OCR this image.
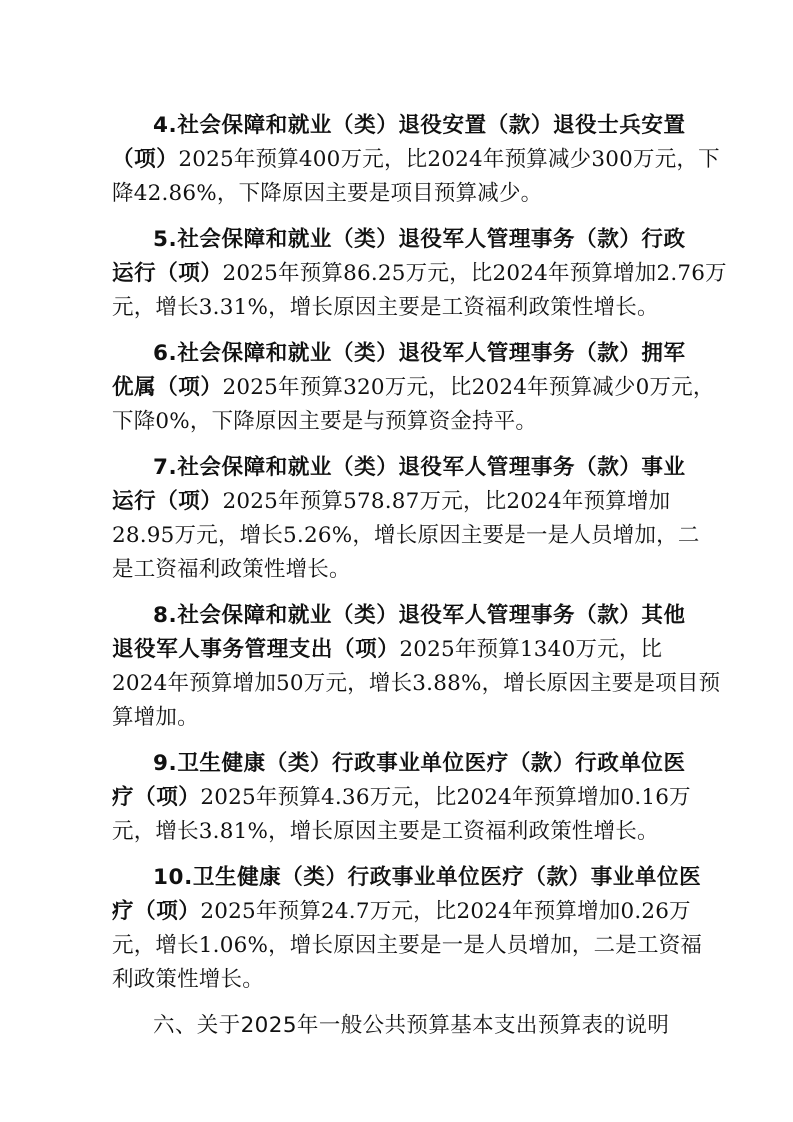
4.社会保障和就业（类）退役安置（款）退役士兵安置
（项）2025年预算400万元，比2024年预算减少300万元，下
降42.86%，下降原因主要是项目预算减少。
5.社会保障和就业（类）退役军人管理事务（款）行政
运行（项）2025年预算86.25万元，比2024年预算增加2.76万
元，增长3.31%，增长原因主要是工资福利政策性增长。
6.社会保障和就业（类）退役军人管理事务（款）拥军
优属（项）2025年预算320万元，比2024年预算减少0万元，
下降0%，下降原因主要是与预算资金持平。
7.社会保障和就业（类）退役军人管理事务（款）事业
运行（项）2025年预算578.87万元，比2024年预算增加
28.95万元，增长5.26%，增长原因主要是一是人员增加，二
是工资福利政策性增长。
8.社会保障和就业（类）退役军人管理事务（款）其他
退役军人事务管理支出（项）2025年预算1340万元，比
2024年预算增加50万元，增长3.88%，增长原因主要是项目预
算增加。
9.卫生健康（类）行政事业单位医疗（款）行政单位医
疗（项）2025年预算4.36万元，比2024年预算增加0.16万
元，增长3.81%，增长原因主要是工资福利政策性增长。
10.卫生健康（类）行政事业单位医疗（款）事业单位医
疗（项）2025年预算24.7万元，比2024年预算增加0.26万
元，增长1.06%，增长原因主要是一是人员增加，二是工资福
利政策性增长。
六、关于2025年一般公共预算基本支出预算表的说明
